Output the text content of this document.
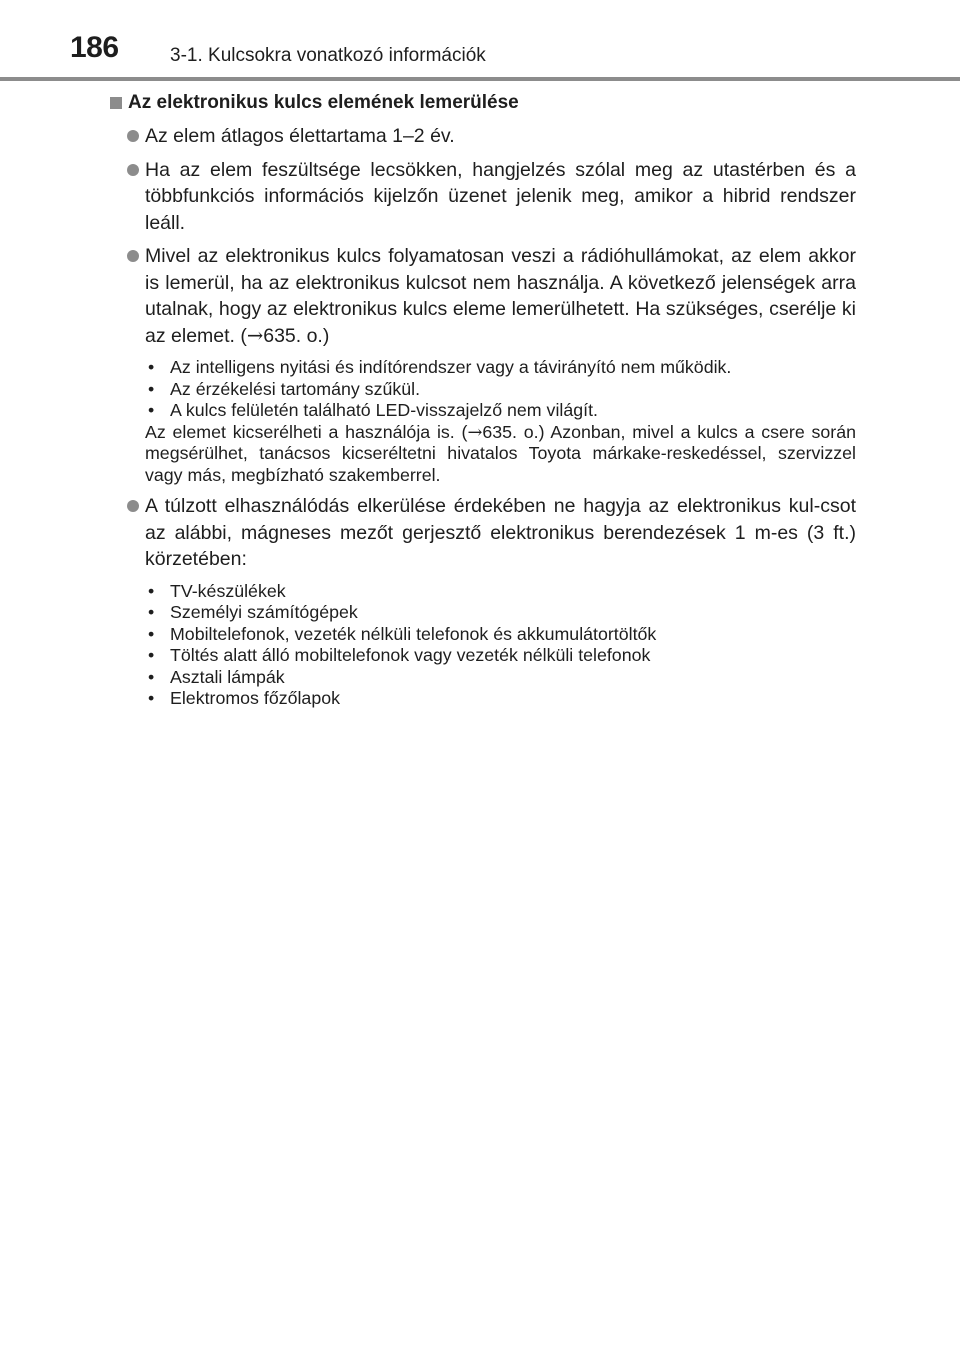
186	3-1. Kulcsokra vonatkozó információk
Az elektronikus kulcs elemének lemerülése
Az elem átlagos élettartama 1–2 év.
Ha az elem feszültsége lecsökken, hangjelzés szólal meg az utastérben és a többfunkciós információs kijelzőn üzenet jelenik meg, amikor a hibrid rendszer leáll.
Mivel az elektronikus kulcs folyamatosan veszi a rádióhullámokat, az elem akkor is lemerül, ha az elektronikus kulcsot nem használja. A következő jelenségek arra utalnak, hogy az elektronikus kulcs eleme lemerülhetett. Ha szükséges, cserélje ki az elemet. (→635. o.)
• Az intelligens nyitási és indítórendszer vagy a távirányító nem működik.
• Az érzékelési tartomány szűkül.
• A kulcs felületén található LED-visszajelző nem világít.
Az elemet kicserélheti a használója is. (→635. o.) Azonban, mivel a kulcs a csere során megsérülhet, tanácsos kicseréltetni hivatalos Toyota márkake-reskedéssel, szervizzel vagy más, megbízható szakemberrel.
A túlzott elhasználódás elkerülése érdekében ne hagyja az elektronikus kul-csot az alábbi, mágneses mezőt gerjesztő elektronikus berendezések 1 m-es (3 ft.) körzetében:
• TV-készülékek
• Személyi számítógépek
• Mobiltelefonok, vezeték nélküli telefonok és akkumulátortöltők
• Töltés alatt álló mobiltelefonok vagy vezeték nélküli telefonok
• Asztali lámpák
• Elektromos főzőlapok
